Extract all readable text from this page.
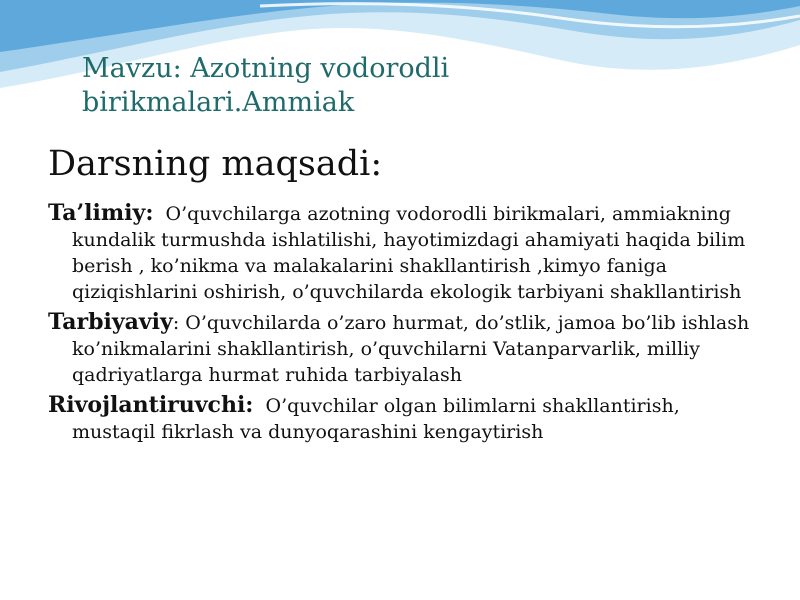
Mavzu: Azotning vodorodli
birikmalari.Ammiak
Darsning maqsadi:

Ta’limiy: O’quvchilarga azotning vodorodli birikmalari, ammiakning kundalik turmushda ishlatilishi, hayotimizdagi ahamiyati haqida bilim berish , ko’nikma va malakalarini shakllantirish ,kimyo faniga qiziqishlarini oshirish, o’quvchilarda ekologik tarbiyani shakllantirish

Tarbiyaviy: O’quvchilarda o’zaro hurmat, do’stlik, jamoa bo’lib ishlash ko’nikmalarini shakllantirish, o’quvchilarni Vatanparvarlik, milliy qadriyatlarga hurmat ruhida tarbiyalash

Rivojlantiruvchi: O’quvchilar olgan bilimlarni shakllantirish, mustaqil fikrlash va dunyoqarashini kengaytirish
